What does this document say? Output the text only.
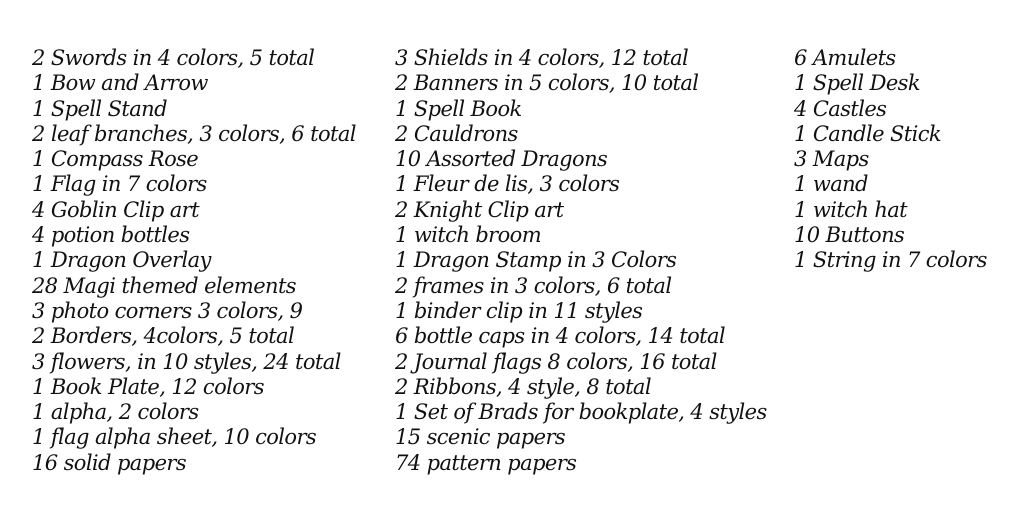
2 Swords in 4 colors, 5 total
1 Bow and Arrow
1 Spell Stand
2 leaf branches, 3 colors, 6 total
1 Compass Rose
1 Flag in 7 colors
4 Goblin Clip art
4 potion bottles
1 Dragon Overlay
28 Magi themed elements
3 photo corners 3 colors, 9
2 Borders, 4colors, 5 total
3 flowers, in 10 styles, 24 total
1 Book Plate, 12 colors
1 alpha, 2 colors
1 flag alpha sheet, 10 colors
16 solid papers
3 Shields in 4 colors, 12 total
2 Banners in 5 colors, 10 total
1 Spell Book
2 Cauldrons
10 Assorted Dragons
1 Fleur de lis, 3 colors
2 Knight Clip art
1 witch broom
1 Dragon Stamp in 3 Colors
2 frames in 3 colors, 6 total
1 binder clip in 11 styles
6 bottle caps in 4 colors, 14 total
2 Journal flags 8 colors, 16 total
2 Ribbons, 4 style, 8 total
1 Set of Brads for bookplate, 4 styles
15 scenic papers
74 pattern papers
6 Amulets
1 Spell Desk
4 Castles
1 Candle Stick
3 Maps
1 wand
1 witch hat
10 Buttons
1 String in 7 colors
